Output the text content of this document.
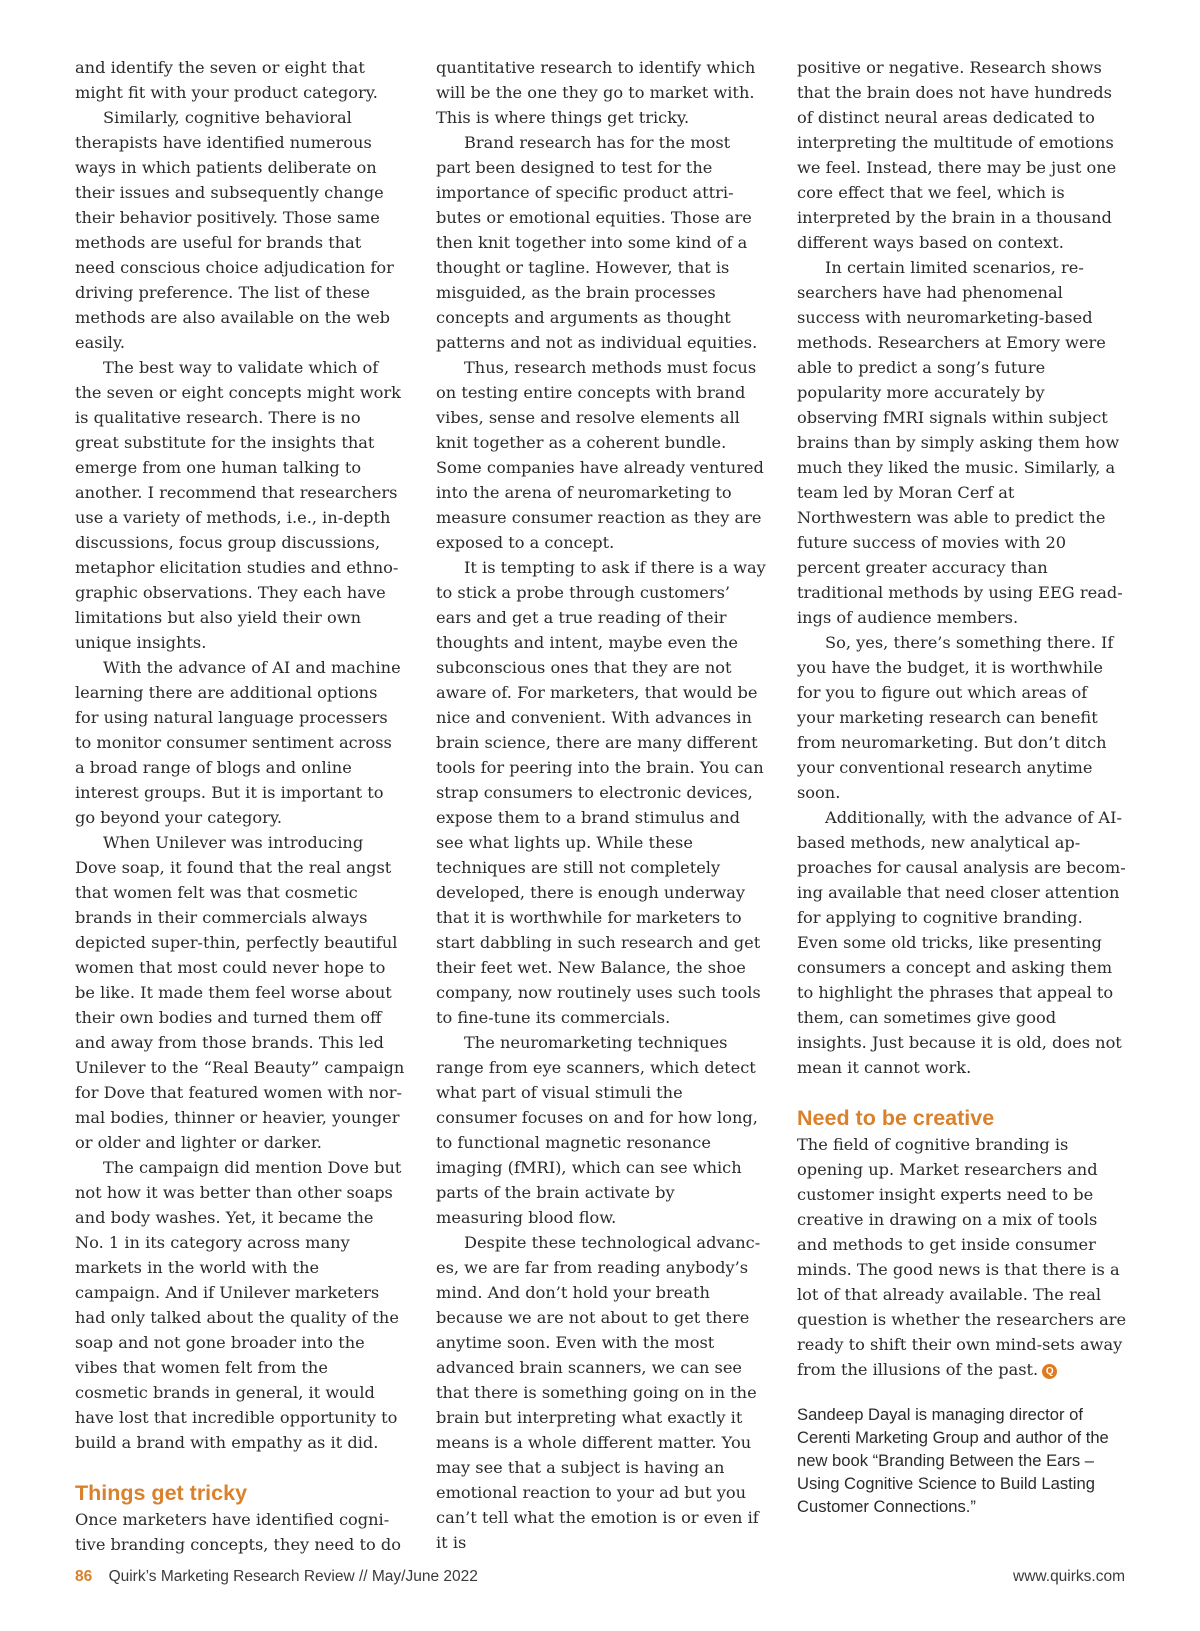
and identify the seven or eight that might fit with your product category.

Similarly, cognitive behavioral therapists have identified numerous ways in which patients deliberate on their issues and subsequently change their behavior positively. Those same methods are useful for brands that need conscious choice adjudication for driving preference. The list of these methods are also available on the web easily.

The best way to validate which of the seven or eight concepts might work is qualitative research. There is no great substitute for the insights that emerge from one human talking to another. I recommend that researchers use a variety of methods, i.e., in-depth discussions, focus group discussions, metaphor elicitation studies and ethnographic observations. They each have limitations but also yield their own unique insights.

With the advance of AI and machine learning there are additional options for using natural language processers to monitor consumer sentiment across a broad range of blogs and online interest groups. But it is important to go beyond your category.

When Unilever was introducing Dove soap, it found that the real angst that women felt was that cosmetic brands in their commercials always depicted super-thin, perfectly beautiful women that most could never hope to be like. It made them feel worse about their own bodies and turned them off and away from those brands. This led Unilever to the “Real Beauty” campaign for Dove that featured women with normal bodies, thinner or heavier, younger or older and lighter or darker.

The campaign did mention Dove but not how it was better than other soaps and body washes. Yet, it became the No. 1 in its category across many markets in the world with the campaign. And if Unilever marketers had only talked about the quality of the soap and not gone broader into the vibes that women felt from the cosmetic brands in general, it would have lost that incredible opportunity to build a brand with empathy as it did.

Things get tricky

Once marketers have identified cognitive branding concepts, they need to do

quantitative research to identify which will be the one they go to market with. This is where things get tricky.

Brand research has for the most part been designed to test for the importance of specific product attributes or emotional equities. Those are then knit together into some kind of a thought or tagline. However, that is misguided, as the brain processes concepts and arguments as thought patterns and not as individual equities.

Thus, research methods must focus on testing entire concepts with brand vibes, sense and resolve elements all knit together as a coherent bundle. Some companies have already ventured into the arena of neuromarketing to measure consumer reaction as they are exposed to a concept.

It is tempting to ask if there is a way to stick a probe through customers’ ears and get a true reading of their thoughts and intent, maybe even the subconscious ones that they are not aware of. For marketers, that would be nice and convenient. With advances in brain science, there are many different tools for peering into the brain. You can strap consumers to electronic devices, expose them to a brand stimulus and see what lights up. While these techniques are still not completely developed, there is enough underway that it is worthwhile for marketers to start dabbling in such research and get their feet wet. New Balance, the shoe company, now routinely uses such tools to fine-tune its commercials.

The neuromarketing techniques range from eye scanners, which detect what part of visual stimuli the consumer focuses on and for how long, to functional magnetic resonance imaging (fMRI), which can see which parts of the brain activate by measuring blood flow.

Despite these technological advances, we are far from reading anybody’s mind. And don’t hold your breath because we are not about to get there anytime soon. Even with the most advanced brain scanners, we can see that there is something going on in the brain but interpreting what exactly it means is a whole different matter. You may see that a subject is having an emotional reaction to your ad but you can’t tell what the emotion is or even if it is

positive or negative. Research shows that the brain does not have hundreds of distinct neural areas dedicated to interpreting the multitude of emotions we feel. Instead, there may be just one core effect that we feel, which is interpreted by the brain in a thousand different ways based on context.

In certain limited scenarios, researchers have had phenomenal success with neuromarketing-based methods. Researchers at Emory were able to predict a song’s future popularity more accurately by observing fMRI signals within subject brains than by simply asking them how much they liked the music. Similarly, a team led by Moran Cerf at Northwestern was able to predict the future success of movies with 20 percent greater accuracy than traditional methods by using EEG readings of audience members.

So, yes, there’s something there. If you have the budget, it is worthwhile for you to figure out which areas of your marketing research can benefit from neuromarketing. But don’t ditch your conventional research anytime soon.

Additionally, with the advance of AI-based methods, new analytical approaches for causal analysis are becoming available that need closer attention for applying to cognitive branding. Even some old tricks, like presenting consumers a concept and asking them to highlight the phrases that appeal to them, can sometimes give good insights. Just because it is old, does not mean it cannot work.

Need to be creative

The field of cognitive branding is opening up. Market researchers and customer insight experts need to be creative in drawing on a mix of tools and methods to get inside consumer minds. The good news is that there is a lot of that already available. The real question is whether the researchers are ready to shift their own mind-sets away from the illusions of the past. Q

Sandeep Dayal is managing director of Cerenti Marketing Group and author of the new book “Branding Between the Ears – Using Cognitive Science to Build Lasting Customer Connections.”
86 Quirk’s Marketing Research Review // May/June 2022	www.quirks.com
